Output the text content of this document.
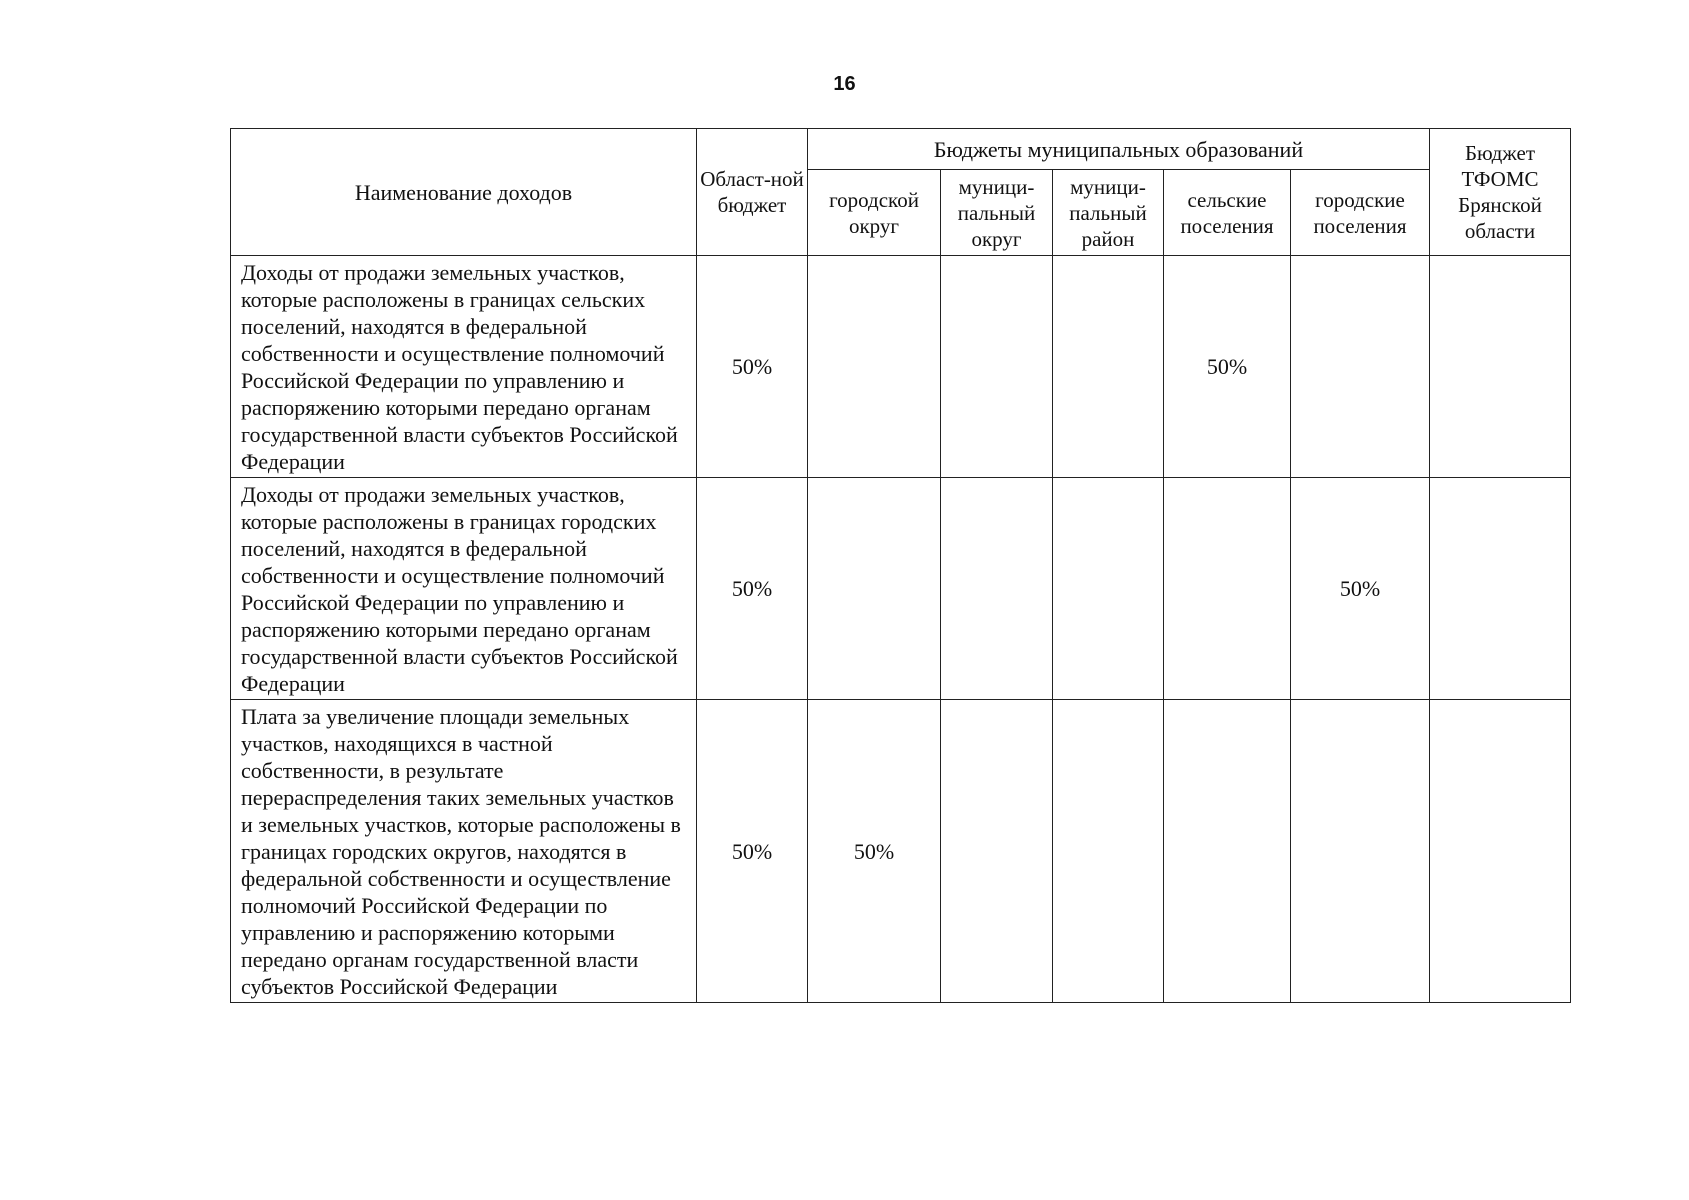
16
Наименование доходов	Област-ной бюджет	Бюджеты муниципальных образований					Бюджет ТФОМС Брянской области
		городской округ	муници-пальный округ	муници-пальный район	сельские поселения	городские поселения	
Доходы от продажи земельных участков, которые расположены в границах сельских поселений, находятся в федеральной собственности и осуществление полномочий Российской Федерации по управлению и распоряжению которыми передано органам государственной власти субъектов Российской Федерации	50%				50%		
Доходы от продажи земельных участков, которые расположены в границах городских поселений, находятся в федеральной собственности и осуществление полномочий Российской Федерации по управлению и распоряжению которыми передано органам государственной власти субъектов Российской Федерации	50%					50%	
Плата за увеличение площади земельных участков, находящихся в частной собственности, в результате перераспределения таких земельных участков и земельных участков, которые расположены в границах городских округов, находятся в федеральной собственности и осуществление полномочий Российской Федерации по управлению и распоряжению которыми передано органам государственной власти субъектов Российской Федерации	50%	50%					
